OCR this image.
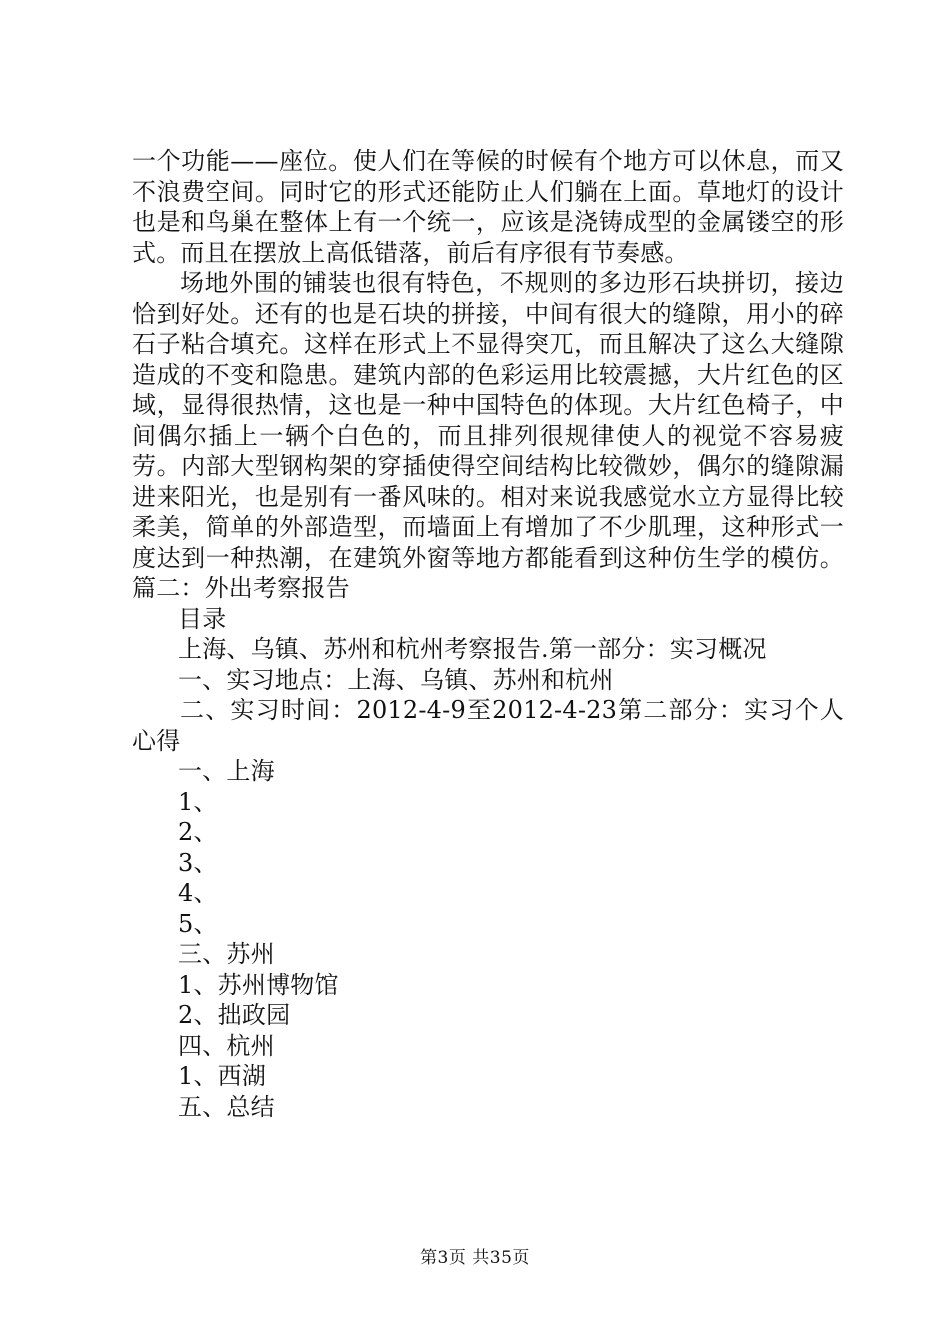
一个功能——座位。使人们在等候的时候有个地方可以休息，而又不浪费空间。同时它的形式还能防止人们躺在上面。草地灯的设计也是和鸟巢在整体上有一个统一，应该是浇铸成型的金属镂空的形式。而且在摆放上高低错落，前后有序很有节奏感。

场地外围的铺装也很有特色，不规则的多边形石块拼切，接边恰到好处。还有的也是石块的拼接，中间有很大的缝隙，用小的碎石子粘合填充。这样在形式上不显得突兀，而且解决了这么大缝隙造成的不变和隐患。建筑内部的色彩运用比较震撼，大片红色的区域，显得很热情，这也是一种中国特色的体现。大片红色椅子，中间偶尔插上一辆个白色的，而且排列很规律使人的视觉不容易疲劳。内部大型钢构架的穿插使得空间结构比较微妙，偶尔的缝隙漏进来阳光，也是别有一番风味的。相对来说我感觉水立方显得比较柔美，简单的外部造型，而墙面上有增加了不少肌理，这种形式一度达到一种热潮，在建筑外窗等地方都能看到这种仿生学的模仿。篇二：外出考察报告

目录

上海、乌镇、苏州和杭州考察报告.第一部分：实习概况

一、实习地点：上海、乌镇、苏州和杭州

二、实习时间：2012-4-9至2012-4-23第二部分：实习个人心得

一、上海

1、

2、

3、

4、

5、

三、苏州

1、苏州博物馆

2、拙政园

四、杭州

1、西湖

五、总结

第3页 共35页
